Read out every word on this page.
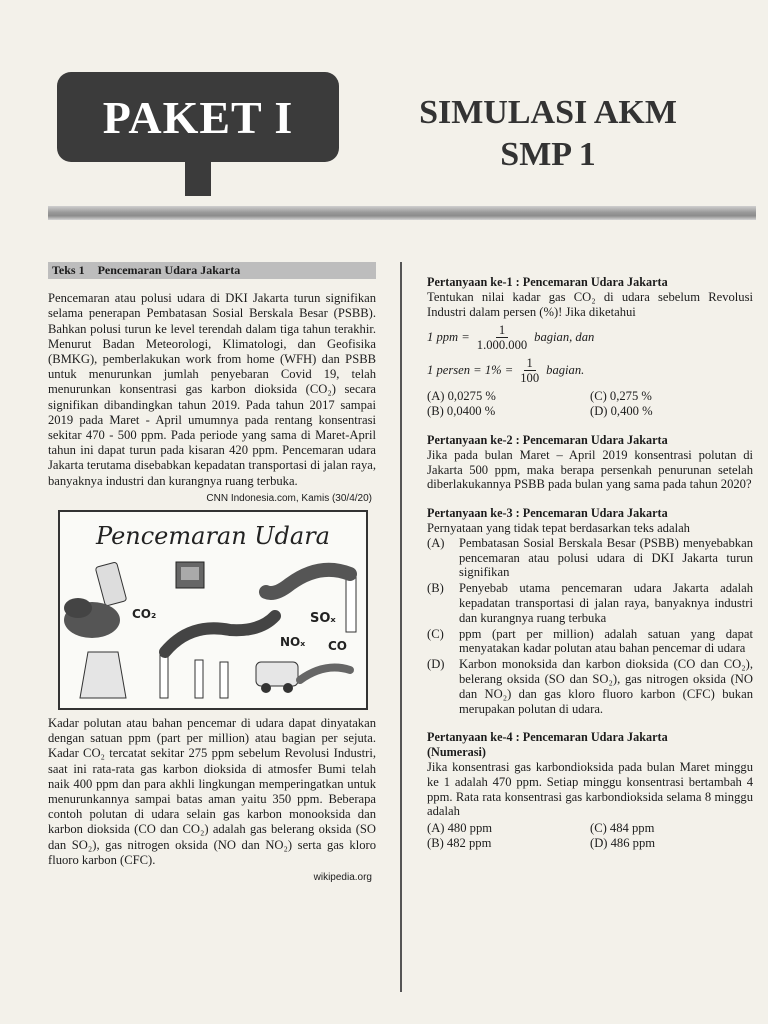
PAKET I	SIMULASI AKM
SMP 1
Teks 1 Pencemaran Udara Jakarta

Pencemaran atau polusi udara di DKI Jakarta turun signifikan selama penerapan Pembatasan Sosial Berskala Besar (PSBB). Bahkan polusi turun ke level terendah dalam tiga tahun terakhir. Menurut Badan Meteorologi, Klimatologi, dan Geofisika (BMKG), pemberlakukan work from home (WFH) dan PSBB untuk menurunkan jumlah penyebaran Covid 19, telah menurunkan konsentrasi gas karbon dioksida (CO₂) secara signifikan dibandingkan tahun 2019. Pada tahun 2017 sampai 2019 pada Maret - April umumnya pada rentang konsentrasi sekitar 470 - 500 ppm. Pada periode yang sama di Maret-April tahun ini dapat turun pada kisaran 420 ppm. Pencemaran udara Jakarta terutama disebabkan kepadatan transportasi di jalan raya, banyaknya industri dan kurangnya ruang terbuka.

CNN Indonesia.com, Kamis (30/4/20)
Pencemaran Udara
CO₂	SOₓ
NOₓ CO

Kadar polutan atau bahan pencemar di udara dapat dinyatakan dengan satuan ppm (part per million) atau bagian per sejuta. Kadar CO₂ tercatat sekitar 275 ppm sebelum Revolusi Industri, saat ini rata-rata gas karbon dioksida di atmosfer Bumi telah naik 400 ppm dan para akhli lingkungan memperingatkan untuk menurunkannya sampai batas aman yaitu 350 ppm. Beberapa contoh polutan di udara selain gas karbon monooksida dan karbon dioksida (CO dan CO₂) adalah gas belerang oksida (SO dan SO₂), gas nitrogen oksida (NO dan NO₂) serta gas kloro fluoro karbon (CFC).

wikipedia.org
Pertanyaan ke-1 : Pencemaran Udara Jakarta
Tentukan nilai kadar gas CO₂ di udara sebelum Revolusi Industri dalam persen (%)! Jika diketahui
1 ppm = $\frac{1}{1.000.000}$ bagian, dan
1 persen = $1\% = \frac{1}{100}$ bagian.
(A) 0,0275 %	(C) 0,275 %
(B) 0,0400 %	(D) 0,400 %
Pertanyaan ke-2 : Pencemaran Udara Jakarta
Jika pada bulan Maret – April 2019 konsentrasi polutan di Jakarta 500 ppm, maka berapa persenkah penurunan setelah diberlakukannya PSBB pada bulan yang sama pada tahun 2020?
Pertanyaan ke-3 : Pencemaran Udara Jakarta
Pernyataan yang tidak tepat berdasarkan teks adalah
(A)	Pembatasan Sosial Berskala Besar (PSBB) menyebabkan pencemaran atau polusi udara di DKI Jakarta turun signifikan
(B)	Penyebab utama pencemaran udara Jakarta adalah kepadatan transportasi di jalan raya, banyaknya industri dan kurangnya ruang terbuka
(C)	ppm (part per million) adalah satuan yang dapat menyatakan kadar polutan atau bahan pencemar di udara
(D)	Karbon monoksida dan karbon dioksida (CO dan CO₂), belerang oksida (SO dan SO₂), gas nitrogen oksida (NO dan NO₂) dan gas kloro fluoro karbon (CFC) bukan merupakan polutan di udara.
Pertanyaan ke-4 : Pencemaran Udara Jakarta
(Numerasi)
Jika konsentrasi gas karbondioksida pada bulan Maret minggu ke 1 adalah 470 ppm. Setiap minggu konsentrasi bertambah 4 ppm. Rata rata konsentrasi gas karbondioksida selama 8 minggu adalah
(A) 480 ppm	(C) 484 ppm
(B) 482 ppm	(D) 486 ppm
